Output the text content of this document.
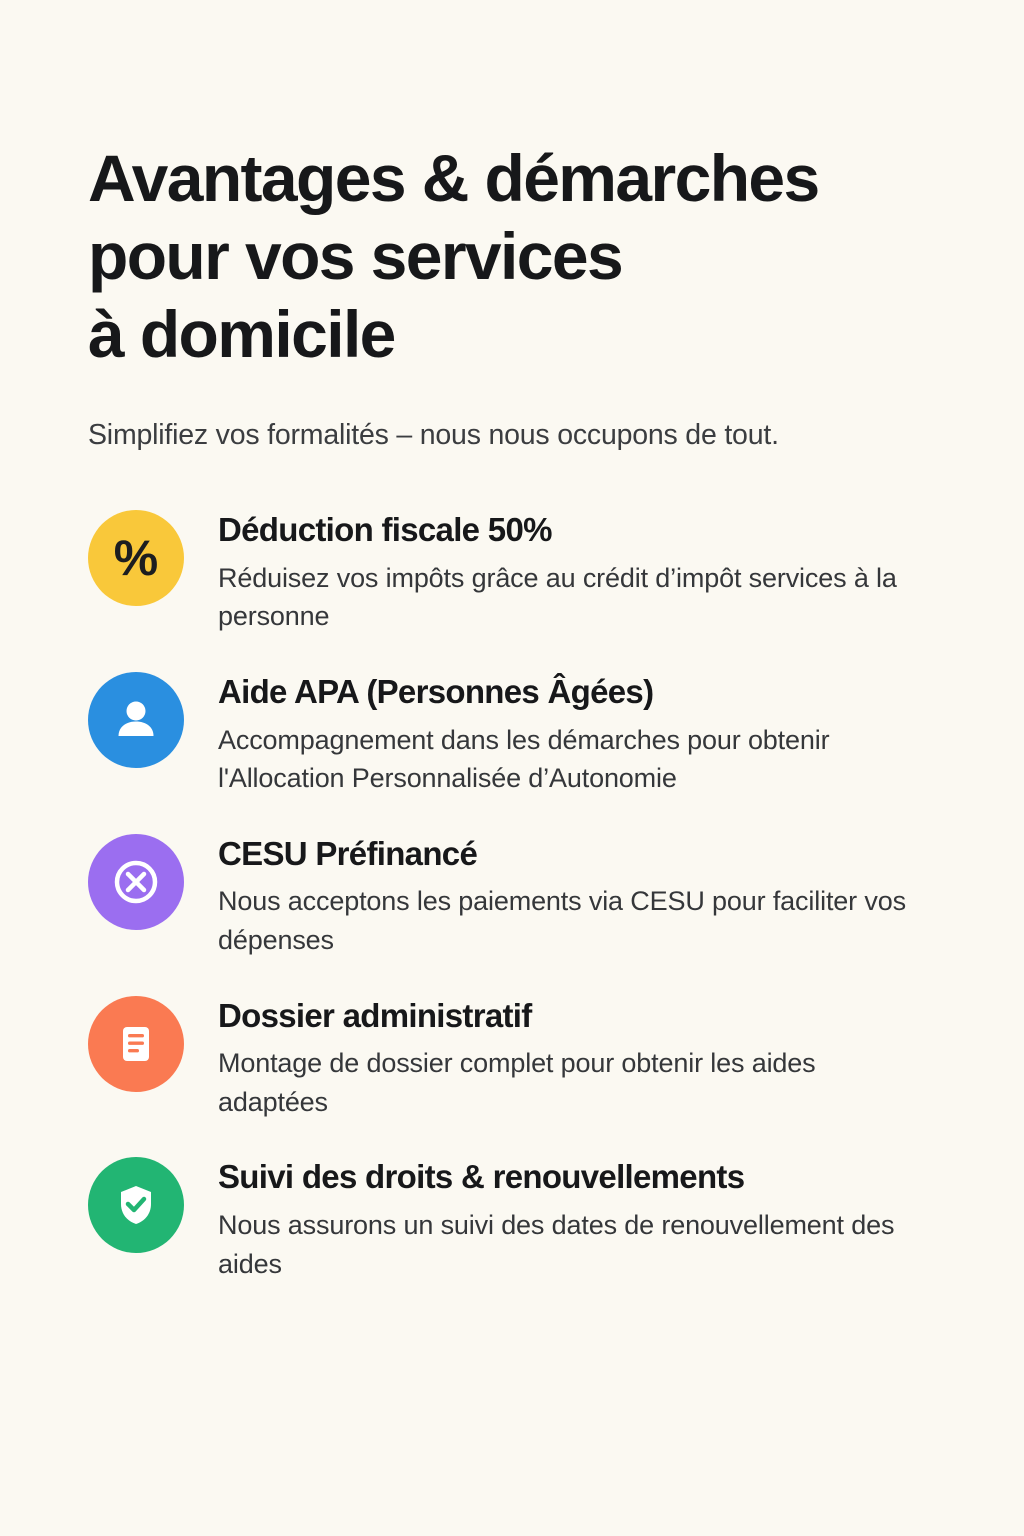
Avantages & démarches
pour vos services
à domicile
Simplifiez vos formalités – nous nous occupons de tout.
%
Déduction fiscale 50%
Réduisez vos impôts grâce au crédit d’impôt services à la personne
Aide APA (Personnes Âgées)
Accompagnement dans les démarches pour obtenir l'Allocation Personnalisée d’Autonomie
CESU Préfinancé
Nous acceptons les paiements via CESU pour faciliter vos dépenses
Dossier administratif
Montage de dossier complet pour obtenir les aides adaptées
Suivi des droits & renouvellements
Nous assurons un suivi des dates de renouvellement des aides
